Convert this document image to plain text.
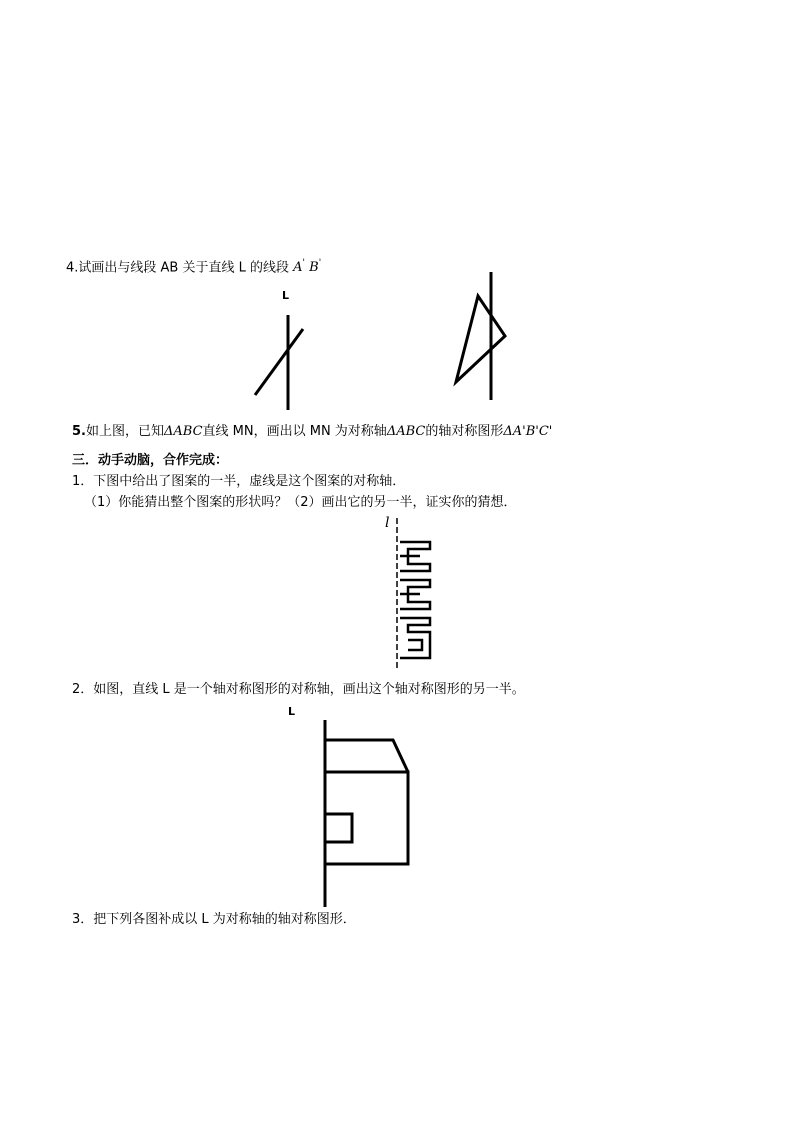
4.试画出与线段 AB 关于直线 L 的线段 A' B'
L
5.如上图，已知ΔABC直线 MN，画出以 MN 为对称轴ΔABC的轴对称图形ΔA'B'C'
三．动手动脑，合作完成：
1．下图中给出了图案的一半，虚线是这个图案的对称轴．
（1）你能猜出整个图案的形状吗？（2）画出它的另一半，证实你的猜想．
l
2．如图，直线 L 是一个轴对称图形的对称轴，画出这个轴对称图形的另一半。
L
3．把下列各图补成以 L 为对称轴的轴对称图形．
